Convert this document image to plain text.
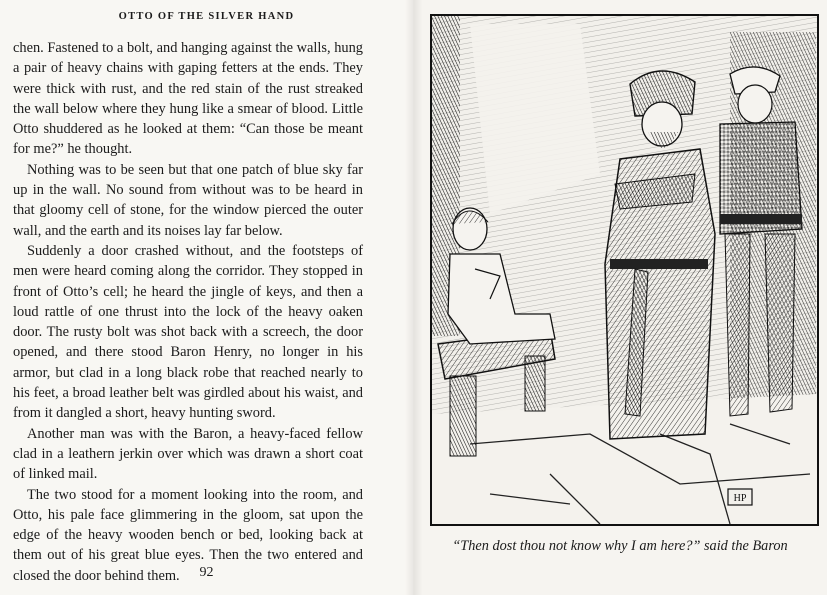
OTTO OF THE SILVER HAND

chen. Fastened to a bolt, and hanging against the walls, hung a pair of heavy chains with gaping fetters at the ends. They were thick with rust, and the red stain of the rust streaked the wall below where they hung like a smear of blood. Little Otto shuddered as he looked at them: “Can those be meant for me?” he thought.

Nothing was to be seen but that one patch of blue sky far up in the wall. No sound from without was to be heard in that gloomy cell of stone, for the window pierced the outer wall, and the earth and its noises lay far below.

Suddenly a door crashed without, and the footsteps of men were heard coming along the corridor. They stopped in front of Otto’s cell; he heard the jingle of keys, and then a loud rattle of one thrust into the lock of the heavy oaken door. The rusty bolt was shot back with a screech, the door opened, and there stood Baron Henry, no longer in his armor, but clad in a long black robe that reached nearly to his feet, a broad leather belt was girdled about his waist, and from it dangled a short, heavy hunting sword.

Another man was with the Baron, a heavy-faced fellow clad in a leathern jerkin over which was drawn a short coat of linked mail.

The two stood for a moment looking into the room, and Otto, his pale face glimmering in the gloom, sat upon the edge of the heavy wooden bench or bed, looking back at them out of his great blue eyes. Then the two entered and closed the door behind them.	92
HP
“Then dost thou not know why I am here?” said the Baron
